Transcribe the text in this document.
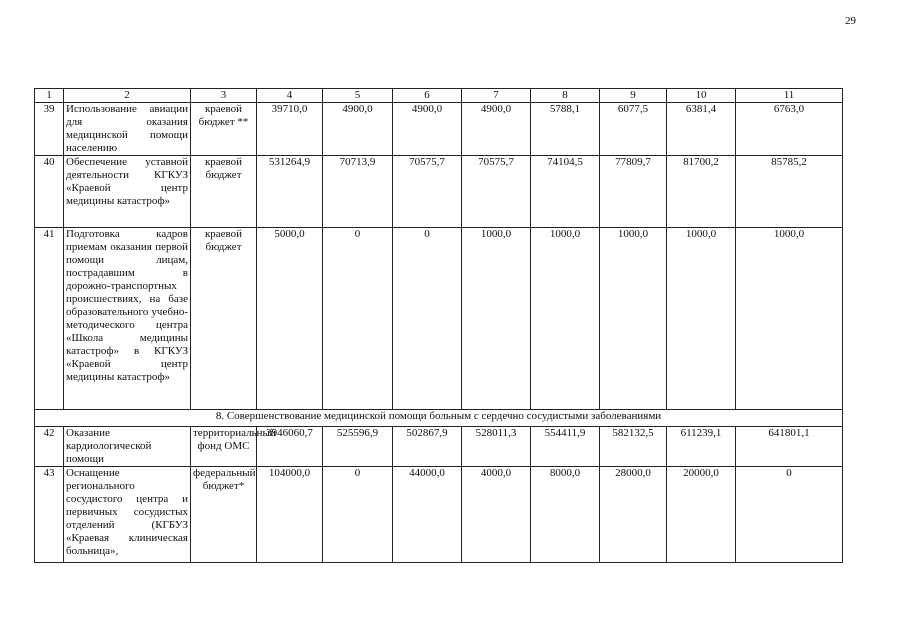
29
1	2	3	4	5	6	7	8	9	10	11
39	Использование авиации для оказания медицинской помощи населению	краевой бюджет **	39710,0	4900,0	4900,0	4900,0	5788,1	6077,5	6381,4	6763,0
40	Обеспечение уставной деятельности КГКУЗ «Краевой центр медицины катастроф»	краевой бюджет	531264,9	70713,9	70575,7	70575,7	74104,5	77809,7	81700,2	85785,2
41	Подготовка кадров приемам оказания первой помощи лицам, пострадавшим в дорожно-транспортных происшествиях, на базе образовательного учебно-методического центра «Школа медицины катастроф» в КГКУЗ «Краевой центр медицины катастроф»	краевой бюджет	5000,0	0	0	1000,0	1000,0	1000,0	1000,0	1000,0
8. Совершенствование медицинской помощи больным с сердечно сосудистыми заболеваниями										
42	Оказание кардиологической помощи	территориальный фонд ОМС	3946060,7	525596,9	502867,9	528011,3	554411,9	582132,5	611239,1	641801,1
43	Оснащение регионального сосудистого центра и первичных сосудистых отделений (КГБУЗ «Краевая клиническая больница»,	федеральный бюджет*	104000,0	0	44000,0	4000,0	8000,0	28000,0	20000,0	0
